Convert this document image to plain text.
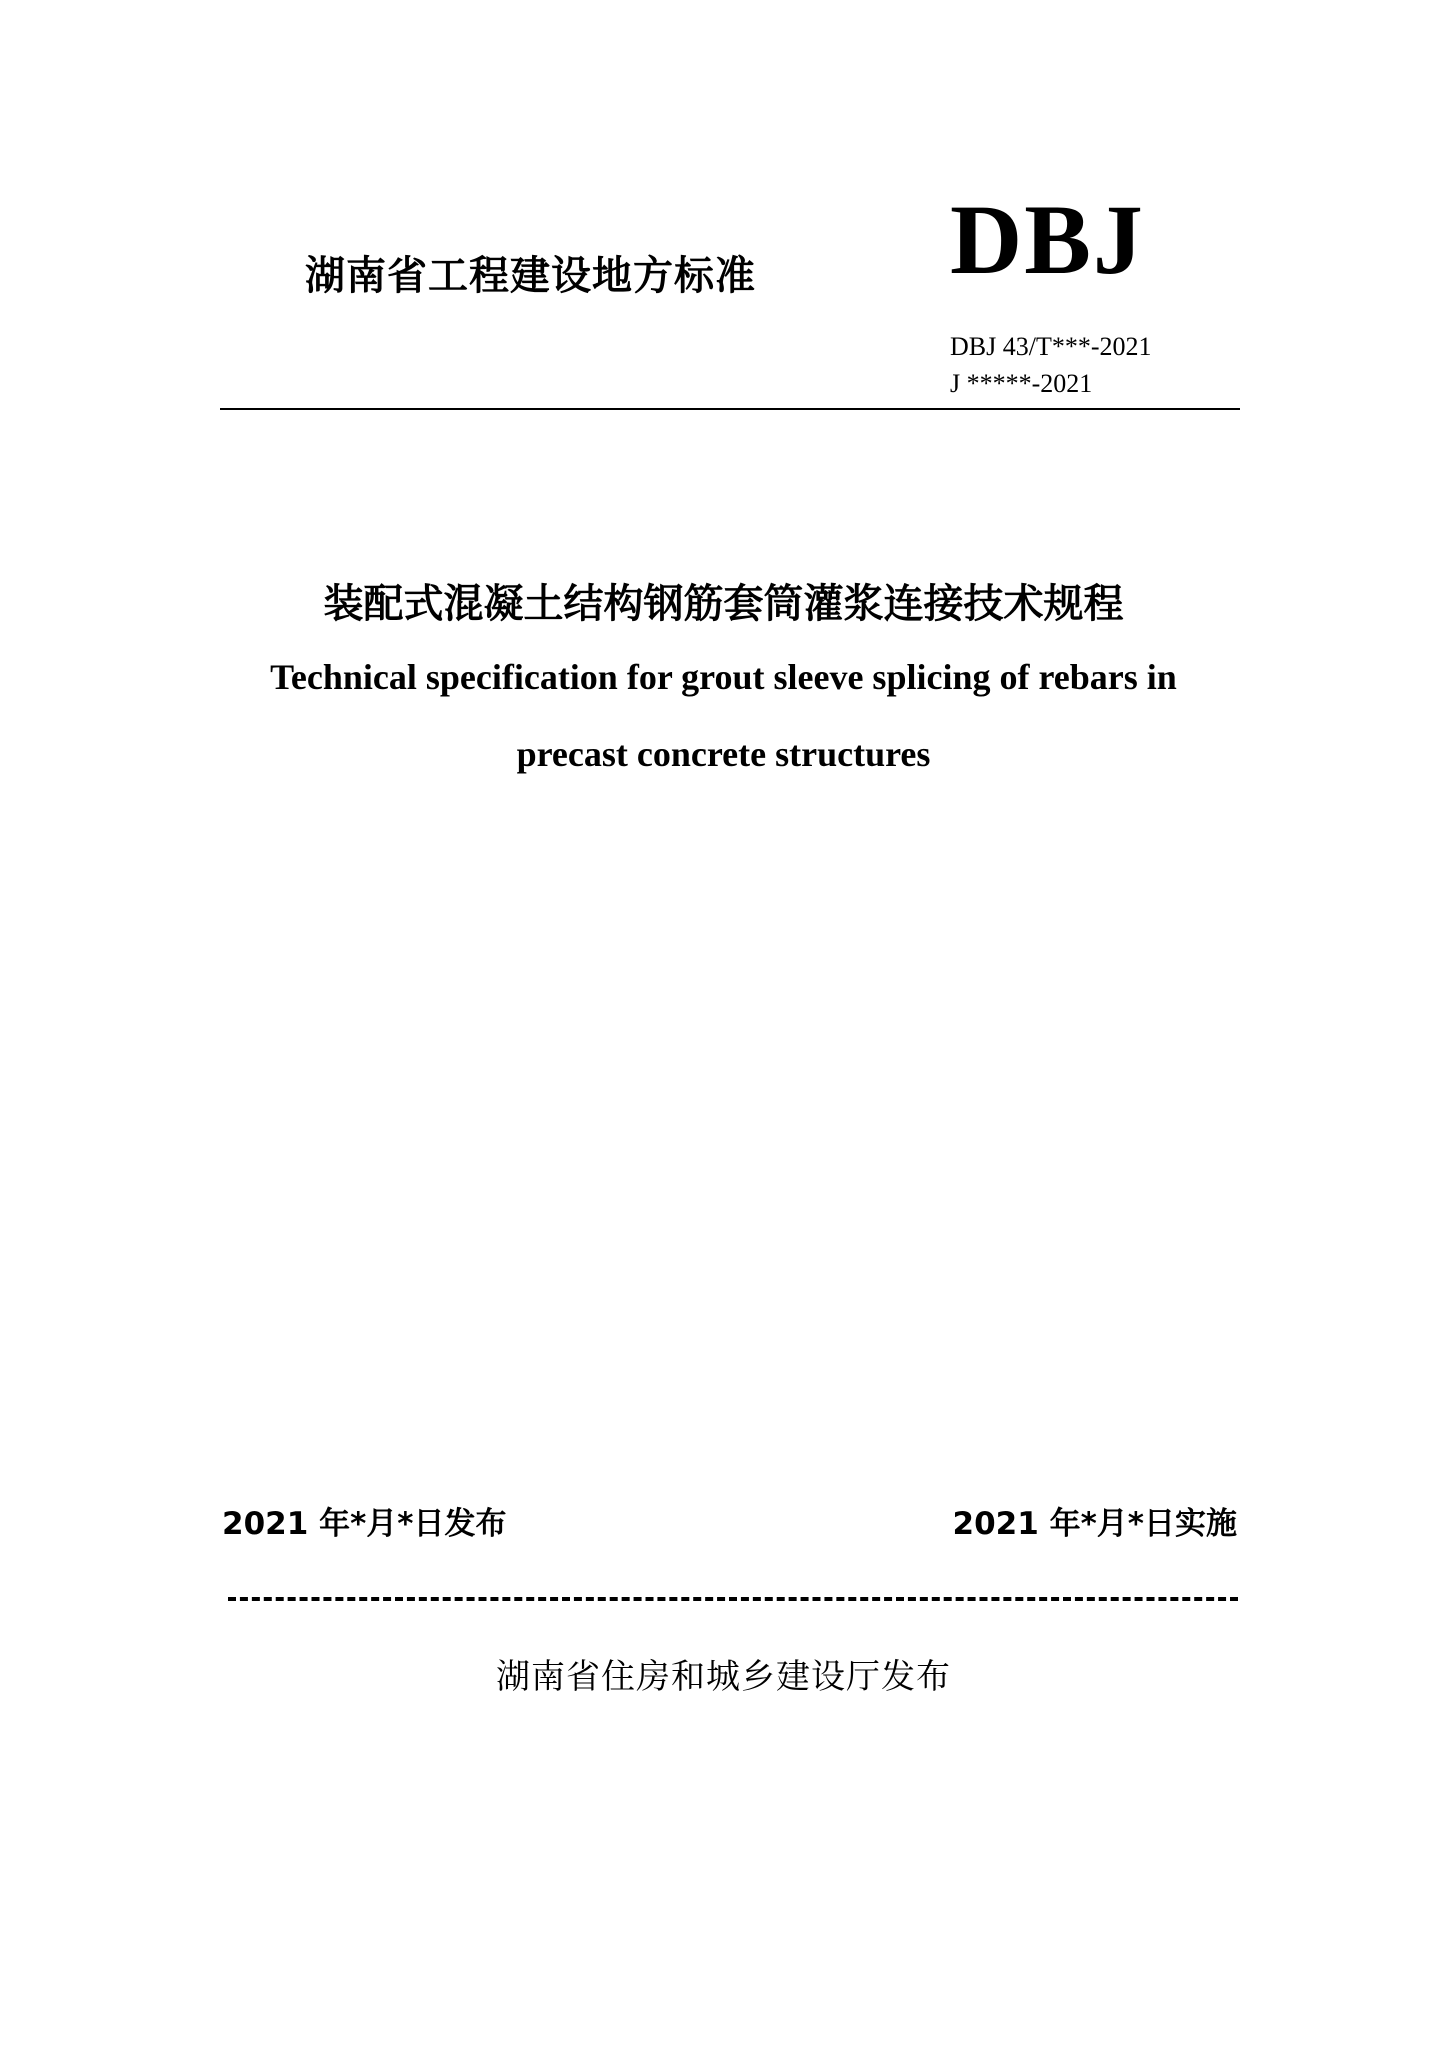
湖南省工程建设地方标准 DBJ
DBJ 43/T***-2021
J *****-2021
装配式混凝土结构钢筋套筒灌浆连接技术规程
Technical specification for grout sleeve splicing of rebars in
precast concrete structures
2021 年*月*日发布	2021 年*月*日实施
湖南省住房和城乡建设厅发布
